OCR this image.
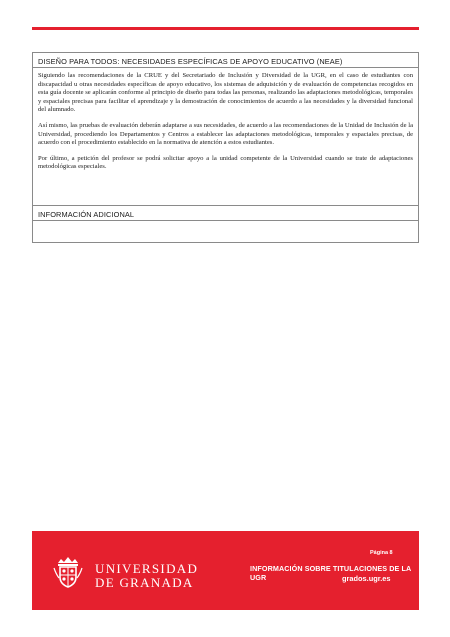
DISEÑO PARA TODOS: NECESIDADES ESPECÍFICAS DE APOYO EDUCATIVO (NEAE)

Siguiendo las recomendaciones de la CRUE y del Secretariado de Inclusión y Diversidad de la UGR, en el caso de estudiantes con discapacidad u otras necesidades específicas de apoyo educativo, los sistemas de adquisición y de evaluación de competencias recogidos en esta guía docente se aplicarán conforme al principio de diseño para todas las personas, realizando las adaptaciones metodológicas, temporales y espaciales precisas para facilitar el aprendizaje y la demostración de conocimientos de acuerdo a las necesidades y la diversidad funcional del alumnado.

Así mismo, las pruebas de evaluación deberán adaptarse a sus necesidades, de acuerdo a las recomendaciones de la Unidad de Inclusión de la Universidad, procediendo los Departamentos y Centros a establecer las adaptaciones metodológicas, temporales y espaciales precisas, de acuerdo con el procedimiento establecido en la normativa de atención a estos estudiantes.

Por último, a petición del profesor se podrá solicitar apoyo a la unidad competente de la Universidad cuando se trate de adaptaciones metodológicas especiales.

INFORMACIÓN ADICIONAL
UNIVERSIDAD
DE GRANADA
Página 8
INFORMACIÓN SOBRE TITULACIONES DE LA UGR	grados.ugr.es
